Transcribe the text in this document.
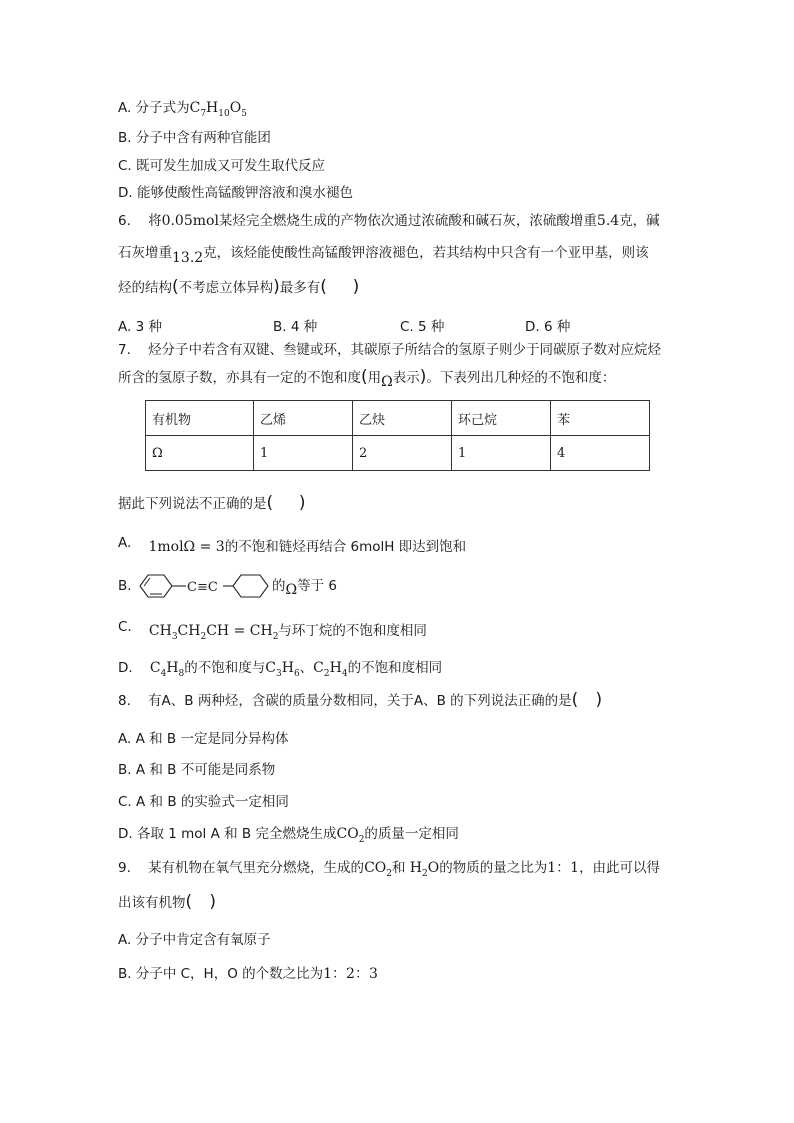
A. 分子式为$C_7H_{10}O_5$
B. 分子中含有两种官能团
C. 既可发生加成又可发生取代反应
D. 能够使酸性高锰酸钾溶液和溴水褪色
6. 将0.05mol某烃完全燃烧生成的产物依次通过浓硫酸和碱石灰，浓硫酸增重5.4克，碱
石灰增重13.2克，该烃能使酸性高锰酸钾溶液褪色，若其结构中只含有一个亚甲基，则该
烃的结构(不考虑立体异构)最多有( )
A. 3 种	B. 4 种	C. 5 种	D. 6 种
7. 烃分子中若含有双键、叁键或环，其碳原子所结合的氢原子则少于同碳原子数对应烷烃
所含的氢原子数，亦具有一定的不饱和度(用Ω表示)。下表列出几种烃的不饱和度：
有机物	乙烯	乙炔	环己烷	苯
Ω	1	2	1	4
据此下列说法不正确的是( )
A. 1molΩ = 3的不饱和链烃再结合 6molH 即达到饱和
B.	C≡C	的Ω等于 6
C. $CH_3CH_2CH = CH_2$与环丁烷的不饱和度相同
D. $C_4H_8$的不饱和度与$C_3H_6$、$C_2H_4$的不饱和度相同
8. 有A、B 两种烃，含碳的质量分数相同，关于A、B 的下列说法正确的是( )
A. A 和 B 一定是同分异构体
B. A 和 B 不可能是同系物
C. A 和 B 的实验式一定相同
D. 各取 1 mol A 和 B 完全燃烧生成$CO_2$的质量一定相同
9. 某有机物在氧气里充分燃烧，生成的$CO_2$和 $H_2O$的物质的量之比为1：1，由此可以得
出该有机物( )
A. 分子中肯定含有氧原子
B. 分子中 C，H，O 的个数之比为1：2：3
